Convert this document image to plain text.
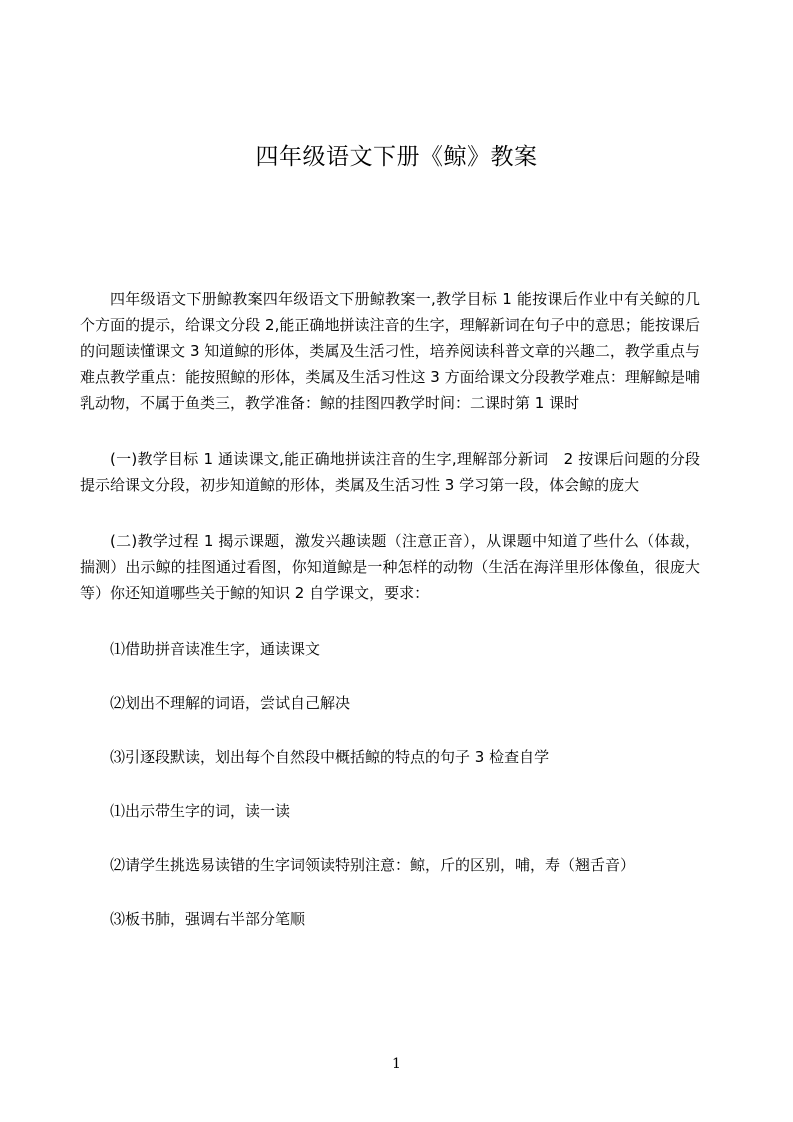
四年级语文下册《鲸》教案

四年级语文下册鲸教案四年级语文下册鲸教案一,教学目标 1 能按课后作业中有关鲸的几个方面的提示，给课文分段 2,能正确地拼读注音的生字，理解新词在句子中的意思；能按课后的问题读懂课文 3 知道鲸的形体，类属及生活刁性，培养阅读科普文章的兴趣二，教学重点与难点教学重点：能按照鲸的形体，类属及生活习性这 3 方面给课文分段教学难点：理解鲸是哺乳动物，不属于鱼类三，教学准备：鲸的挂图四教学时间：二课时第 1 课时

(一)教学目标 1 通读课文,能正确地拼读注音的生字,理解部分新词　2 按课后问题的分段提示给课文分段，初步知道鲸的形体，类属及生活习性 3 学习第一段，体会鲸的庞大

(二)教学过程 1 揭示课题，激发兴趣读题（注意正音），从课题中知道了些什么（体裁，揣测）出示鲸的挂图通过看图，你知道鲸是一种怎样的动物（生活在海洋里形体像鱼，很庞大等）你还知道哪些关于鲸的知识 2 自学课文，要求：

⑴借助拼音读准生字，通读课文

⑵划出不理解的词语，尝试自己解决

⑶引逐段默读，划出每个自然段中概括鲸的特点的句子 3 检查自学

⑴出示带生字的词，读一读

⑵请学生挑选易读错的生字词领读特别注意：鲸，斤的区别，哺，寿（翘舌音）

⑶板书肺，强调右半部分笔顺

1
